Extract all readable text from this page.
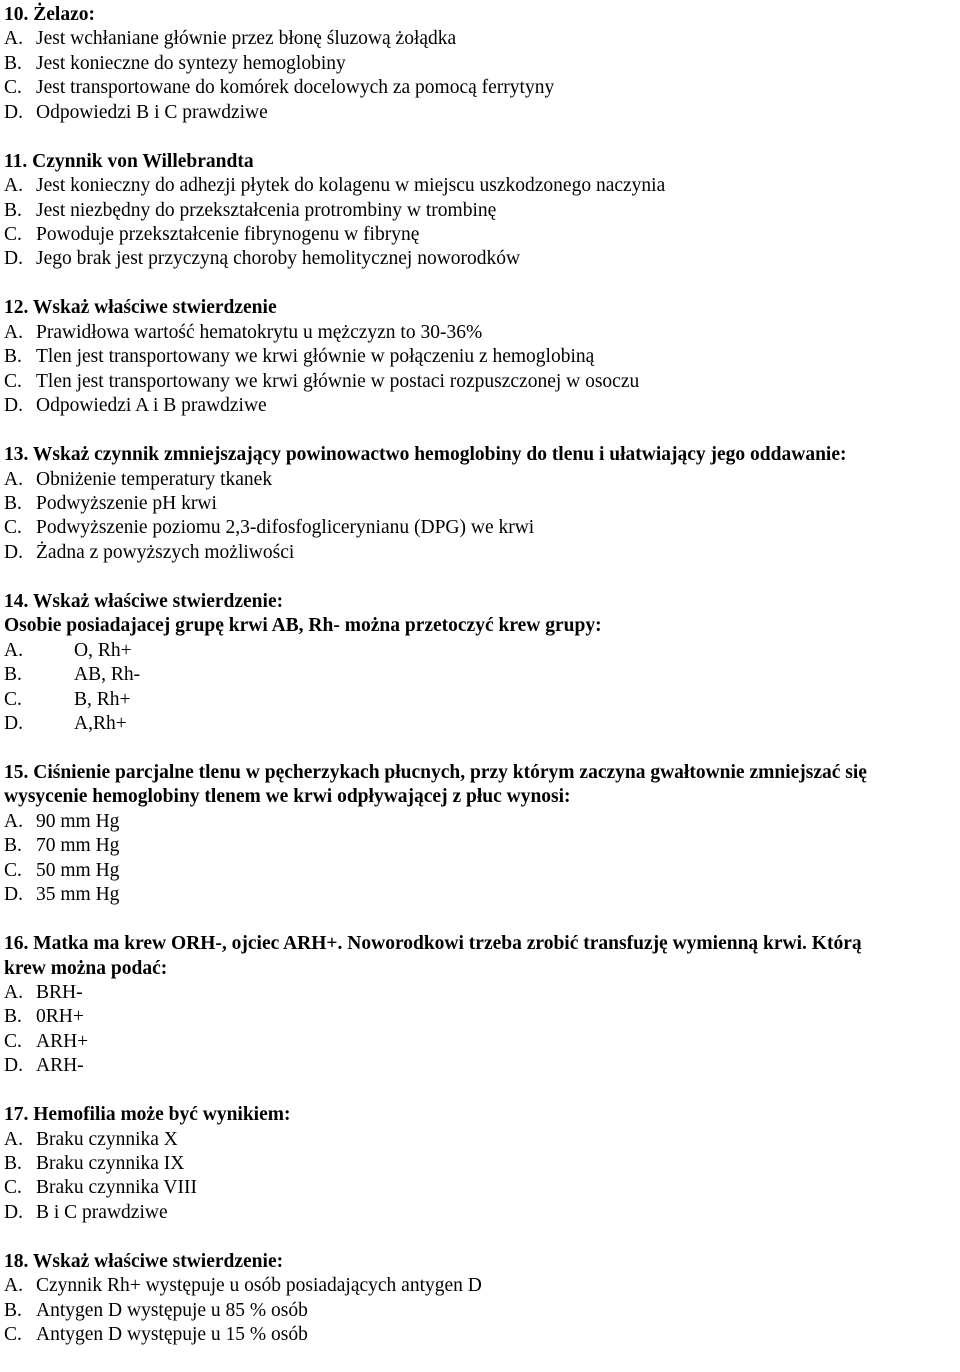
10. Żelazo:
A. Jest wchłaniane głównie przez błonę śluzową żołądka
B. Jest konieczne do syntezy hemoglobiny
C. Jest transportowane do komórek docelowych za pomocą ferrytyny
D. Odpowiedzi B i C prawdziwe
11. Czynnik von Willebrandta
A. Jest konieczny do adhezji płytek do kolagenu w miejscu uszkodzonego naczynia
B. Jest niezbędny do przekształcenia protrombiny w trombinę
C. Powoduje przekształcenie fibrynogenu w fibrynę
D. Jego brak jest przyczyną choroby hemolitycznej noworodków
12. Wskaż właściwe stwierdzenie
A. Prawidłowa wartość hematokrytu u mężczyzn to 30-36%
B. Tlen jest transportowany we krwi głównie w połączeniu z hemoglobiną
C. Tlen jest transportowany we krwi głównie w postaci rozpuszczonej w osoczu
D. Odpowiedzi A i B prawdziwe
13. Wskaż czynnik zmniejszający powinowactwo hemoglobiny do tlenu i ułatwiający jego oddawanie:
A. Obniżenie temperatury tkanek
B. Podwyższenie pH krwi
C. Podwyższenie poziomu 2,3-difosfoglicerynianu (DPG) we krwi
D. Żadna z powyższych możliwości
14. Wskaż właściwe stwierdzenie:
Osobie posiadajacej grupę krwi AB, Rh- można przetoczyć krew grupy:
A.	O, Rh+
B.	AB, Rh-
C.	B, Rh+
D.	A,Rh+
15. Ciśnienie parcjalne tlenu w pęcherzykach płucnych, przy którym zaczyna gwałtownie zmniejszać się
wysycenie hemoglobiny tlenem we krwi odpływającej z płuc wynosi:
A. 90 mm Hg
B. 70 mm Hg
C. 50 mm Hg
D. 35 mm Hg
16. Matka ma krew ORH-, ojciec ARH+. Noworodkowi trzeba zrobić transfuzję wymienną krwi. Którą
krew można podać:
A. BRH-
B. 0RH+
C. ARH+
D. ARH-
17. Hemofilia może być wynikiem:
A. Braku czynnika X
B. Braku czynnika IX
C. Braku czynnika VIII
D. B i C prawdziwe
18. Wskaż właściwe stwierdzenie:
A. Czynnik Rh+ występuje u osób posiadających antygen D
B. Antygen D występuje u 85 % osób
C. Antygen D występuje u 15 % osób
